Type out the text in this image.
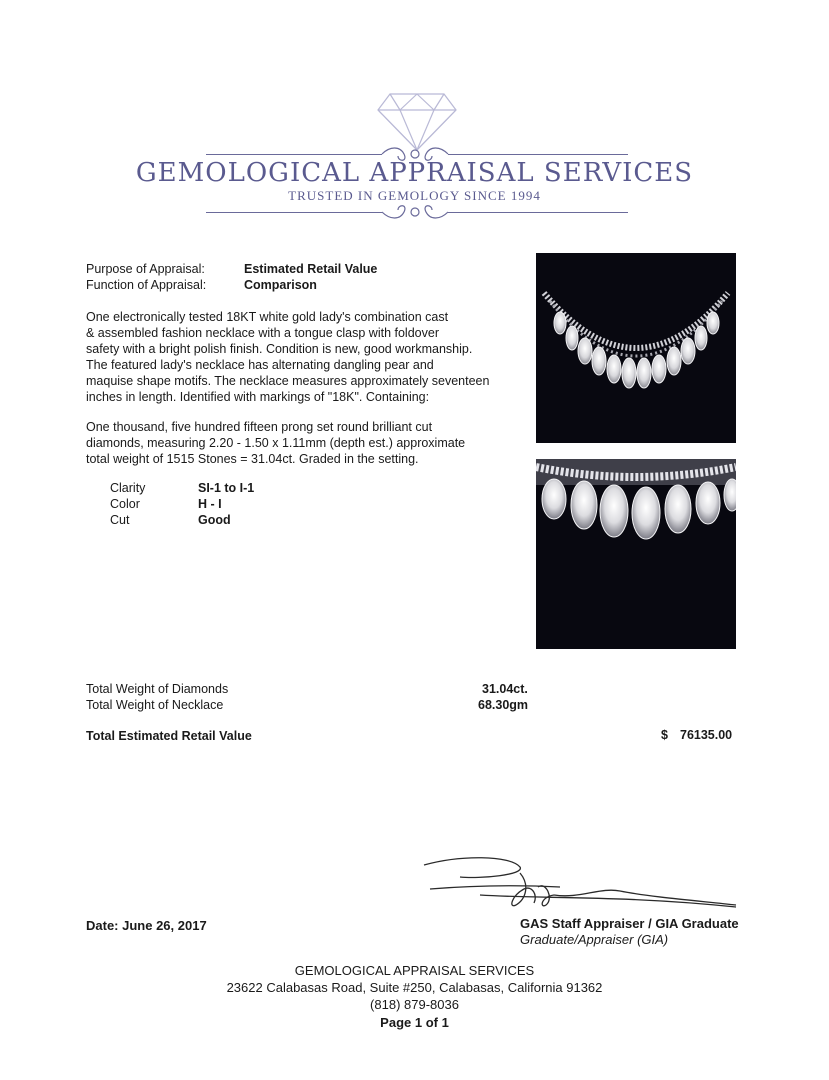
GEMOLOGICAL APPRAISAL SERVICES
TRUSTED IN GEMOLOGY SINCE 1994
Purpose of Appraisal:	Estimated Retail Value
Function of Appraisal:	Comparison
One electronically tested 18KT white gold lady's combination cast
& assembled fashion necklace with a tongue clasp with foldover
safety with a bright polish finish. Condition is new, good workmanship.
The featured lady's necklace has alternating dangling pear and
maquise shape motifs. The necklace measures approximately seventeen
inches in length. Identified with markings of "18K". Containing:
One thousand, five hundred fifteen prong set round brilliant cut
diamonds, measuring 2.20 - 1.50 x 1.11mm (depth est.) approximate
total weight of 1515 Stones = 31.04ct. Graded in the setting.
Clarity	SI-1 to I-1
Color	H - I
Cut	Good
Total Weight of Diamonds	31.04ct.
Total Weight of Necklace	68.30gm
Total Estimated Retail Value	$ 76135.00
Date: June 26, 2017	GAS Staff Appraiser / GIA Graduate
Graduate/Appraiser (GIA)
GEMOLOGICAL APPRAISAL SERVICES
23622 Calabasas Road, Suite #250, Calabasas, California 91362
(818) 879-8036
Page 1 of 1
